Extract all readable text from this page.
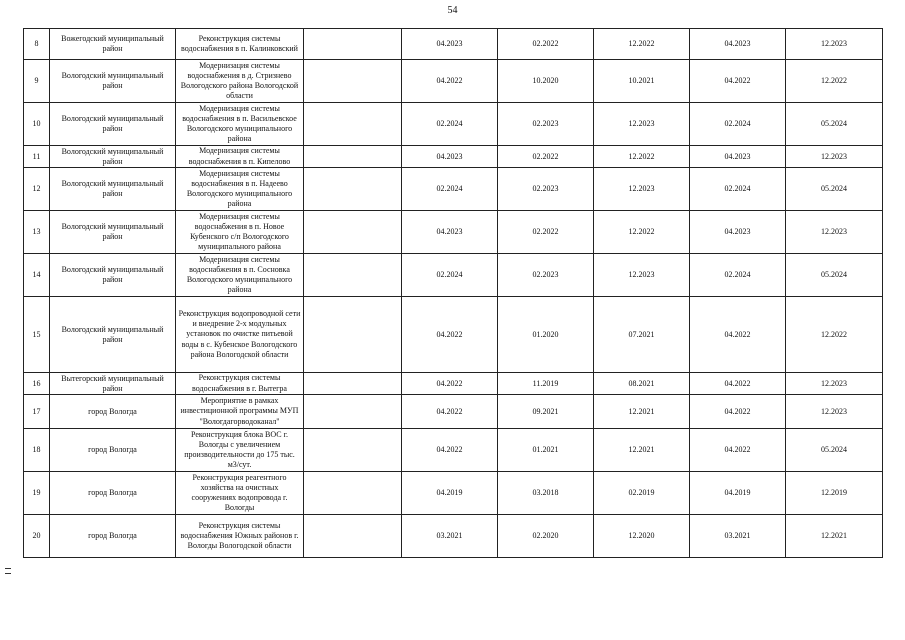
54
8	Вожегодский муниципальный район	Реконструкция системы водоснабжения в п. Калинковский		04.2023	02.2022	12.2022	04.2023	12.2023
9	Вологодский муниципальный район	Модернизация системы водоснабжения в д. Стризнево Вологодского района Вологодской области		04.2022	10.2020	10.2021	04.2022	12.2022
10	Вологодский муниципальный район	Модернизация системы водоснабжения в п. Васильевское Вологодского муниципального района		02.2024	02.2023	12.2023	02.2024	05.2024
11	Вологодский муниципальный район	Модернизация системы водоснабжения в п. Кипелово		04.2023	02.2022	12.2022	04.2023	12.2023
12	Вологодский муниципальный район	Модернизация системы водоснабжения в п. Надеево Вологодского муниципального района		02.2024	02.2023	12.2023	02.2024	05.2024
13	Вологодский муниципальный район	Модернизация системы водоснабжения в п. Новое Кубенского с/п Вологодского муниципального района		04.2023	02.2022	12.2022	04.2023	12.2023
14	Вологодский муниципальный район	Модернизация системы водоснабжения в п. Сосновка Вологодского муниципального района		02.2024	02.2023	12.2023	02.2024	05.2024
15	Вологодский муниципальный район	Реконструкция водопроводной сети и внедрение 2-х модульных установок по очистке питьевой воды в с. Кубенское Вологодского района Вологодской области		04.2022	01.2020	07.2021	04.2022	12.2022
16	Вытегорский муниципальный район	Реконструкция системы водоснабжения в г. Вытегра		04.2022	11.2019	08.2021	04.2022	12.2023
17	город Вологда	Мероприятие в рамках инвестиционной программы МУП "Вологдагорводоканал"		04.2022	09.2021	12.2021	04.2022	12.2023
18	город Вологда	Реконструкция блока ВОС г. Вологды с увеличением производительности до 175 тыс. м3/сут.		04.2022	01.2021	12.2021	04.2022	05.2024
19	город Вологда	Реконструкция реагентного хозяйства на очистных сооружениях водопровода г. Вологды		04.2019	03.2018	02.2019	04.2019	12.2019
20	город Вологда	Реконструкция системы водоснабжения Южных районов г. Вологды Вологодской области		03.2021	02.2020	12.2020	03.2021	12.2021
